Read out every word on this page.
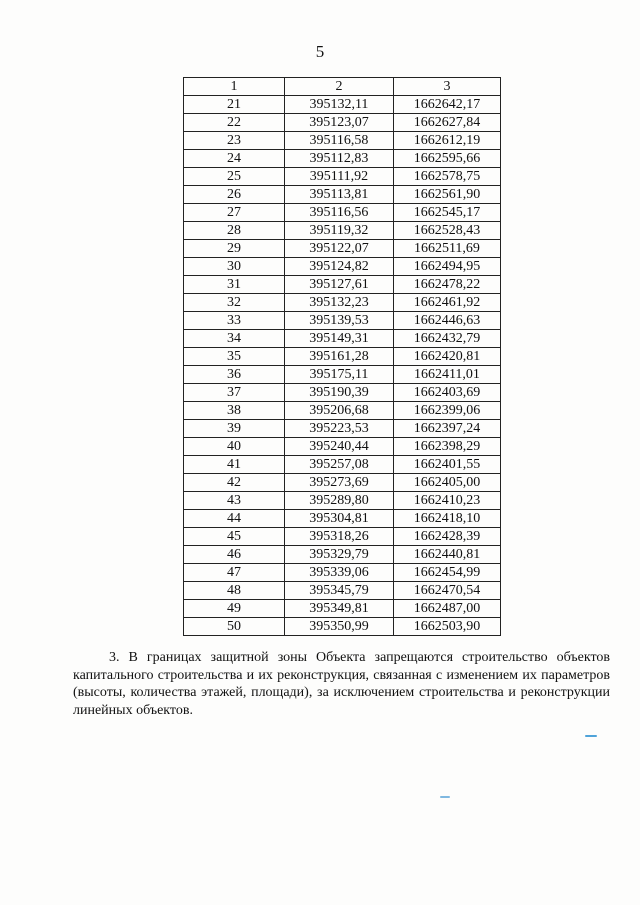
5
1	2	3
21	395132,11	1662642,17
22	395123,07	1662627,84
23	395116,58	1662612,19
24	395112,83	1662595,66
25	395111,92	1662578,75
26	395113,81	1662561,90
27	395116,56	1662545,17
28	395119,32	1662528,43
29	395122,07	1662511,69
30	395124,82	1662494,95
31	395127,61	1662478,22
32	395132,23	1662461,92
33	395139,53	1662446,63
34	395149,31	1662432,79
35	395161,28	1662420,81
36	395175,11	1662411,01
37	395190,39	1662403,69
38	395206,68	1662399,06
39	395223,53	1662397,24
40	395240,44	1662398,29
41	395257,08	1662401,55
42	395273,69	1662405,00
43	395289,80	1662410,23
44	395304,81	1662418,10
45	395318,26	1662428,39
46	395329,79	1662440,81
47	395339,06	1662454,99
48	395345,79	1662470,54
49	395349,81	1662487,00
50	395350,99	1662503,90

3. В границах защитной зоны Объекта запрещаются строительство объектов капитального строительства и их реконструкция, связанная с изменением их параметров (высоты, количества этажей, площади), за исключением строительства и реконструкции линейных объектов.
